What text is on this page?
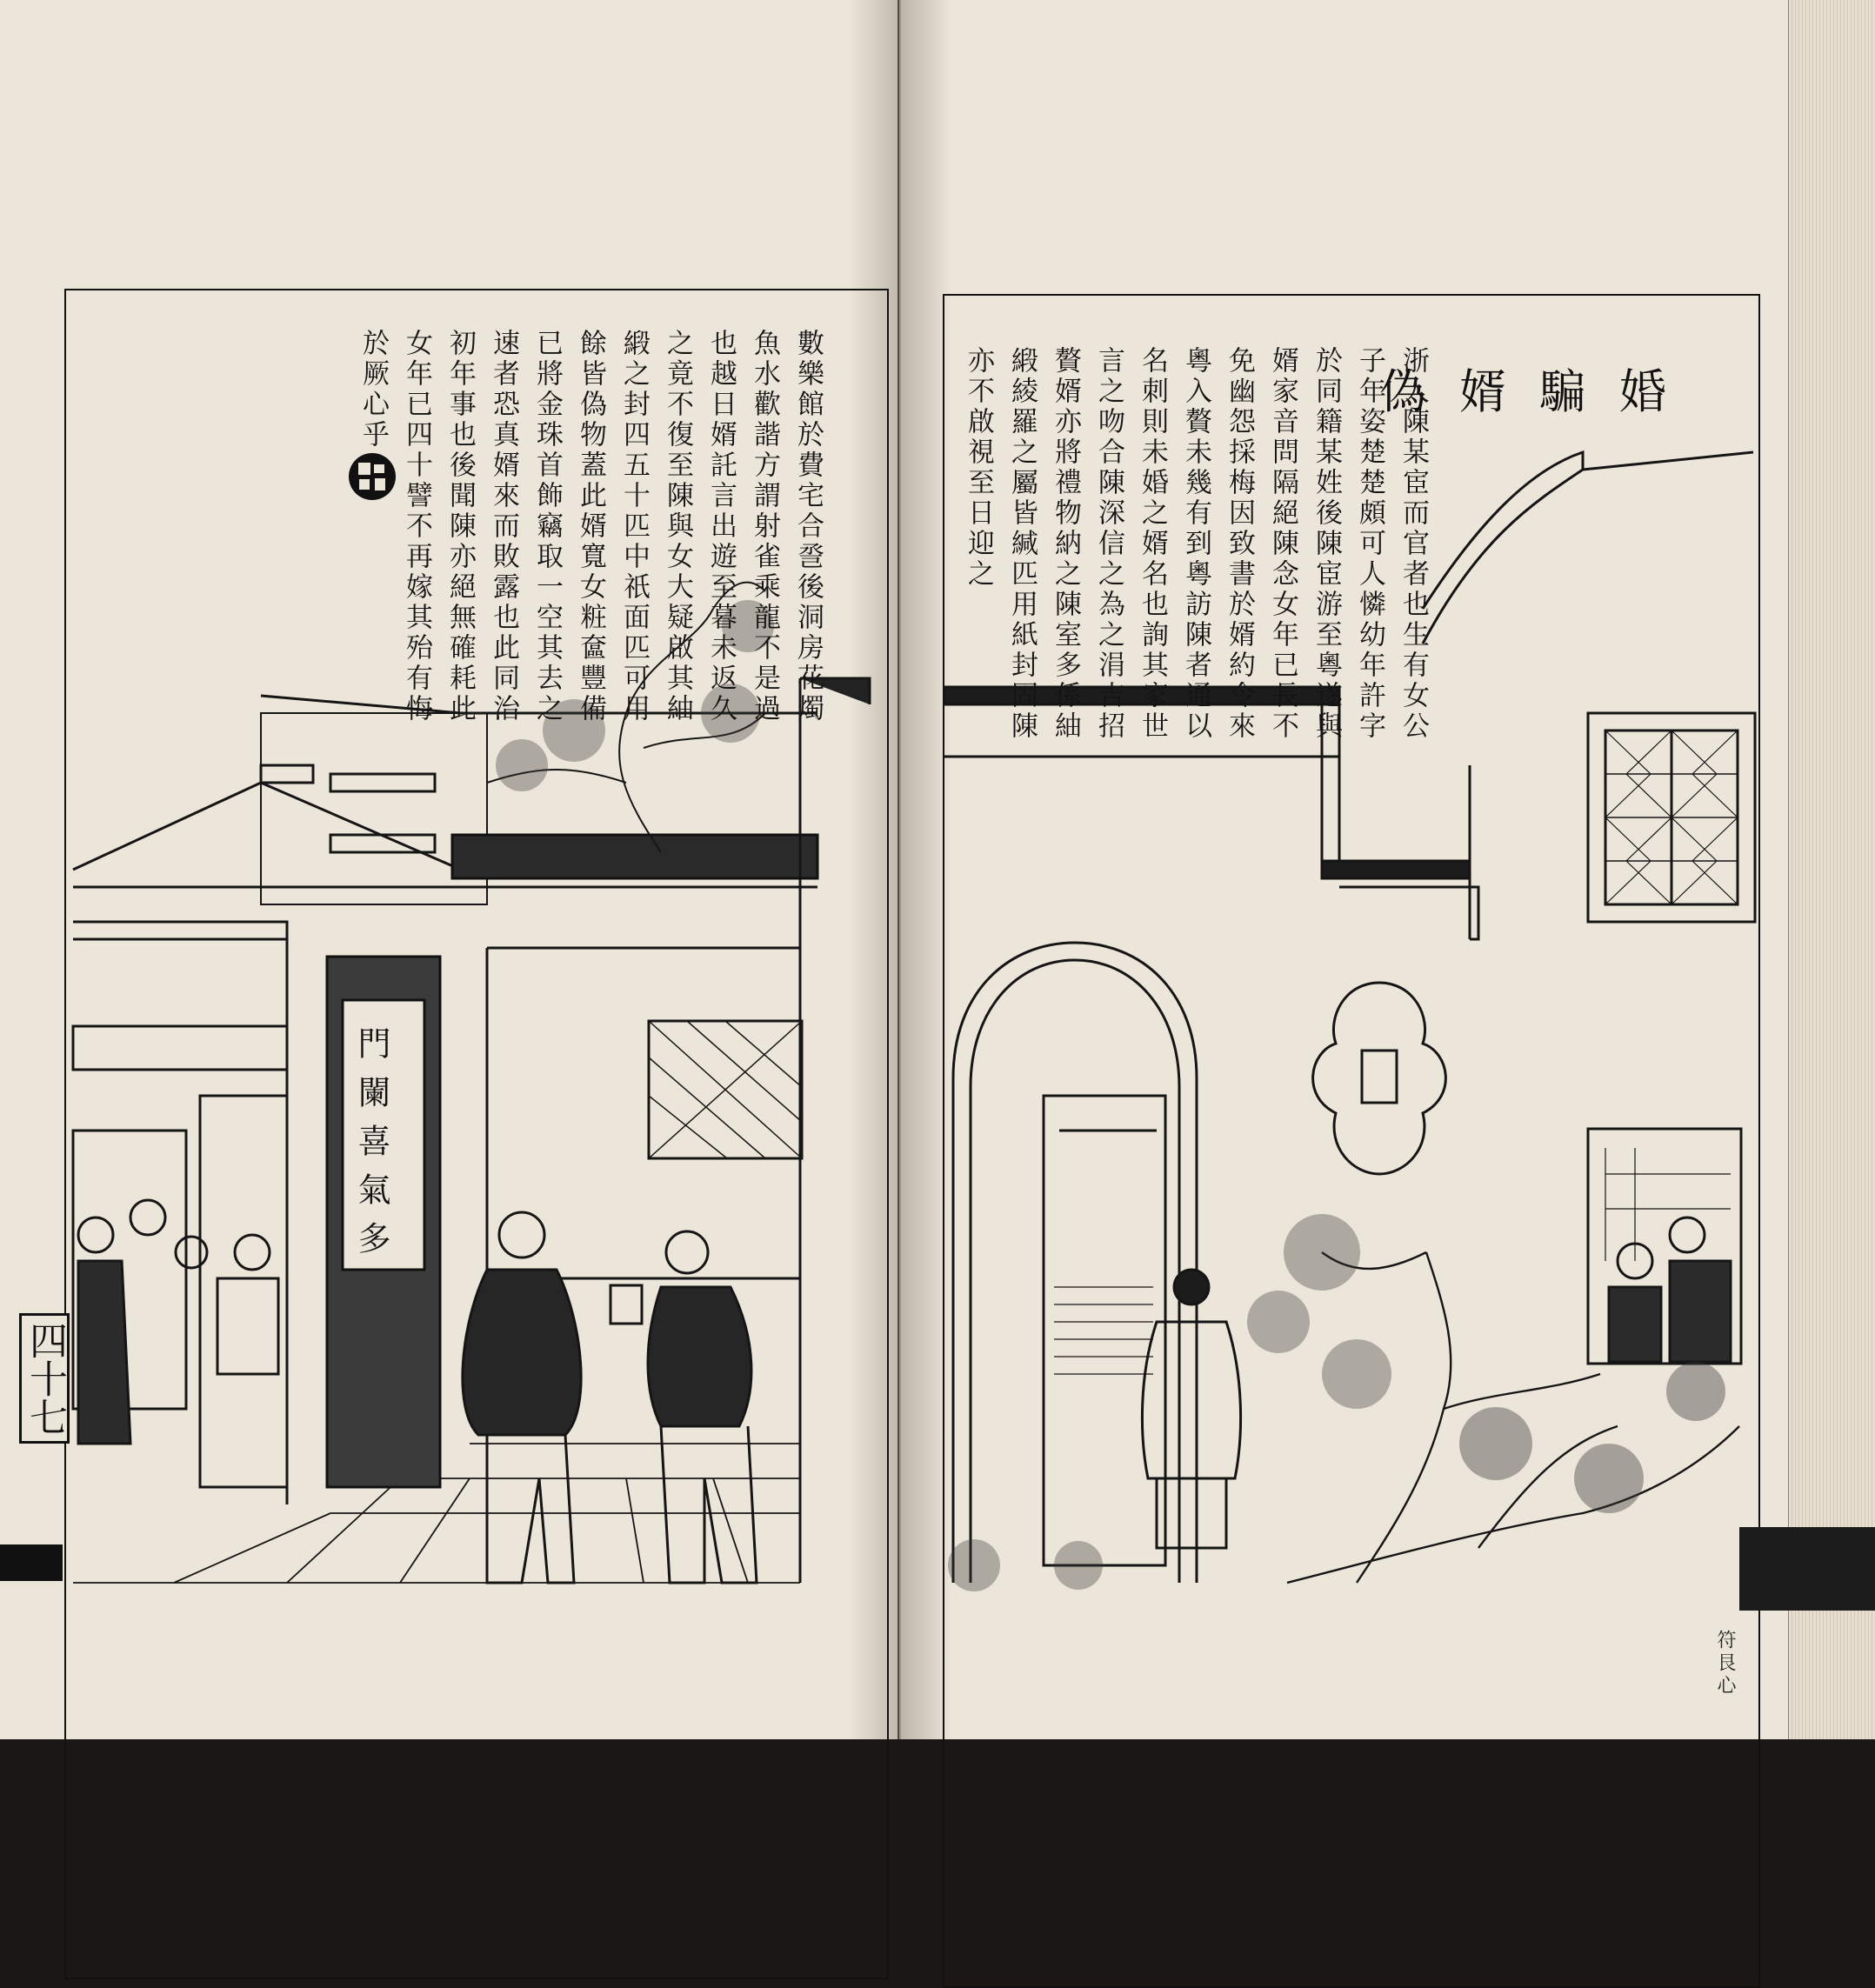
偽婿騙婚
浙人陳某宦而官者也生有女公子年姿楚楚頗可人憐幼年許字於同籍某姓後陳宦游至粵遂與婿家音問隔絕陳念女年已長不免幽怨採梅因致書於婿約令來粵入贅未幾有到粵訪陳者通以名刺則未婚之婿名也詢其家世言之吻合陳深信之為之涓吉招贅婿亦將禮物納之陳室多係紬緞綾羅之屬皆緘匹用紙封固陳亦不啟視至日迎之
數樂館於費宅合巹後洞房花燭魚水歡諧方謂射雀乘龍不是過也越日婿託言出遊至暮未返久之竟不復至陳與女大疑啟其紬緞之封四五十匹中祇面匹可用餘皆偽物蓋此婿寬女粧奩豐備已將金珠首飾竊取一空其去之速者恐真婿來而敗露也此同治初年事也後聞陳亦絕無確耗此女年已四十譬不再嫁其殆有悔於厥心乎
門闌喜氣多
四十七
符艮心
